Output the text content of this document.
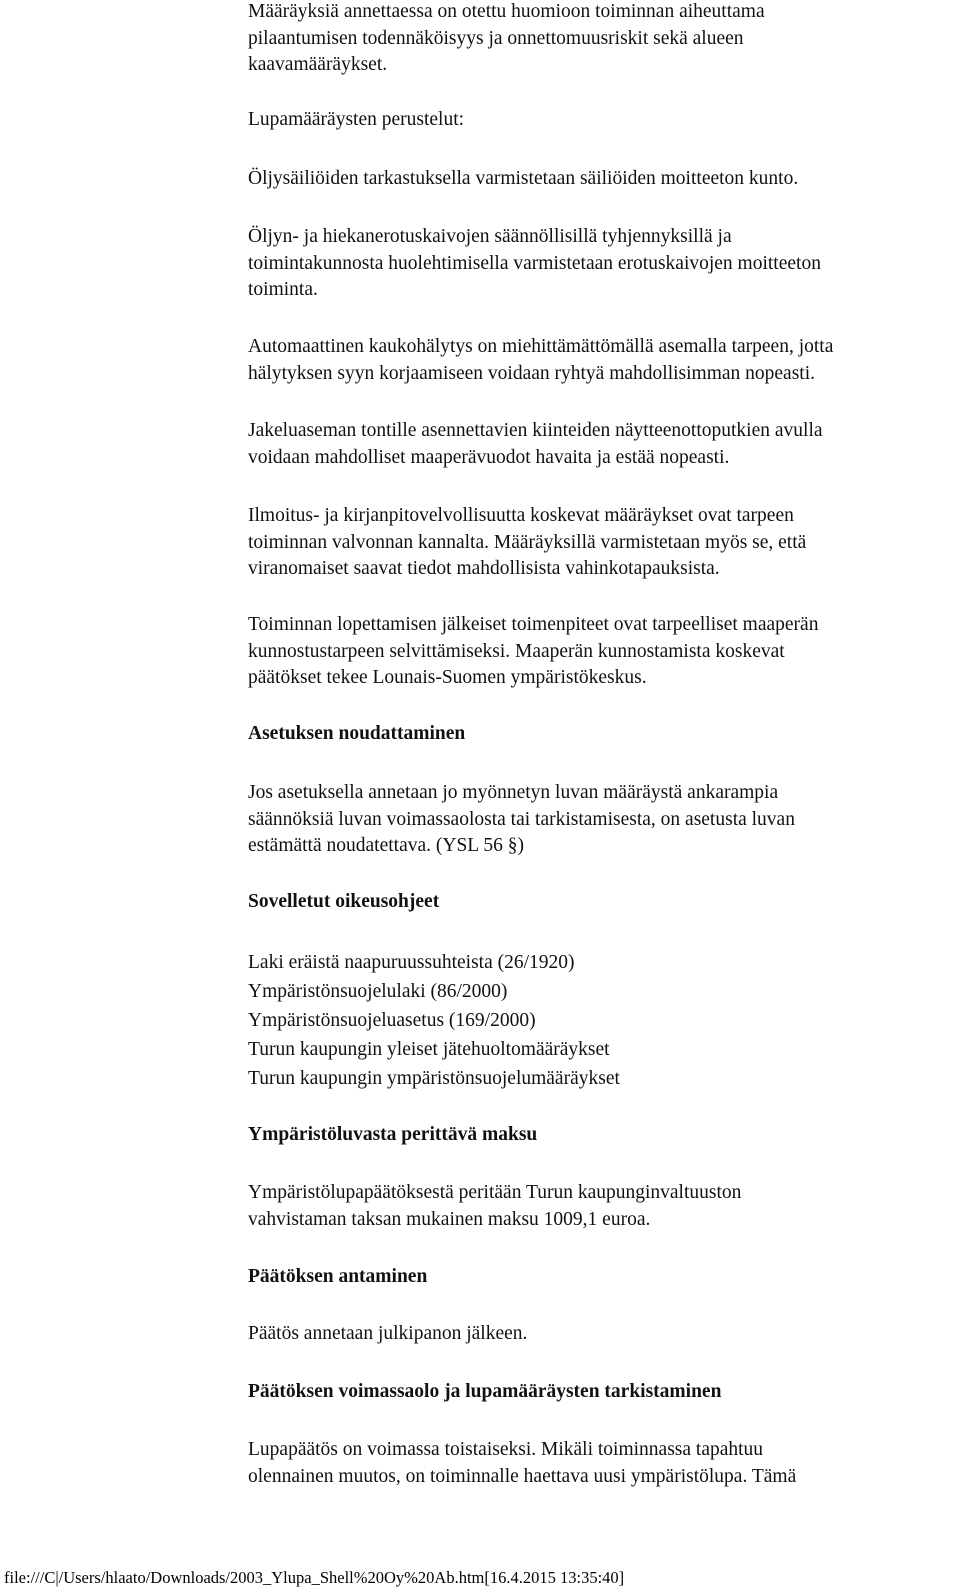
Määräyksiä annettaessa on otettu huomioon toiminnan aiheuttama
pilaantumisen todennäköisyys ja onnettomuusriskit sekä alueen
kaavamääräykset.

Lupamääräysten perustelut:

Öljysäiliöiden tarkastuksella varmistetaan säiliöiden moitteeton kunto.

Öljyn- ja hiekanerotuskaivojen säännöllisillä tyhjennyksillä ja
toimintakunnosta huolehtimisella varmistetaan erotuskaivojen moitteeton
toiminta.

Automaattinen kaukohälytys on miehittämättömällä asemalla tarpeen, jotta
hälytyksen syyn korjaamiseen voidaan ryhtyä mahdollisimman nopeasti.

Jakeluaseman tontille asennettavien kiinteiden näytteenottoputkien avulla
voidaan mahdolliset maaperävuodot havaita ja estää nopeasti.

Ilmoitus- ja kirjanpitovelvollisuutta koskevat määräykset ovat tarpeen
toiminnan valvonnan kannalta. Määräyksillä varmistetaan myös se, että
viranomaiset saavat tiedot mahdollisista vahinkotapauksista.

Toiminnan lopettamisen jälkeiset toimenpiteet ovat tarpeelliset maaperän
kunnostustarpeen selvittämiseksi. Maaperän kunnostamista koskevat
päätökset tekee Lounais-Suomen ympäristökeskus.

Asetuksen noudattaminen

Jos asetuksella annetaan jo myönnetyn luvan määräystä ankarampia
säännöksiä luvan voimassaolosta tai tarkistamisesta, on asetusta luvan
estämättä noudatettava. (YSL 56 §)

Sovelletut oikeusohjeet

Laki eräistä naapuruussuhteista (26/1920)
Ympäristönsuojelulaki (86/2000)
Ympäristönsuojeluasetus (169/2000)
Turun kaupungin yleiset jätehuoltomääräykset
Turun kaupungin ympäristönsuojelumääräykset

Ympäristöluvasta perittävä maksu

Ympäristölupapäätöksestä peritään Turun kaupunginvaltuuston
vahvistaman taksan mukainen maksu 1009,1 euroa.

Päätöksen antaminen

Päätös annetaan julkipanon jälkeen.

Päätöksen voimassaolo ja lupamääräysten tarkistaminen

Lupapäätös on voimassa toistaiseksi. Mikäli toiminnassa tapahtuu
olennainen muutos, on toiminnalle haettava uusi ympäristölupa. Tämä

file:///C|/Users/hlaato/Downloads/2003_Ylupa_Shell%20Oy%20Ab.htm[16.4.2015 13:35:40]
